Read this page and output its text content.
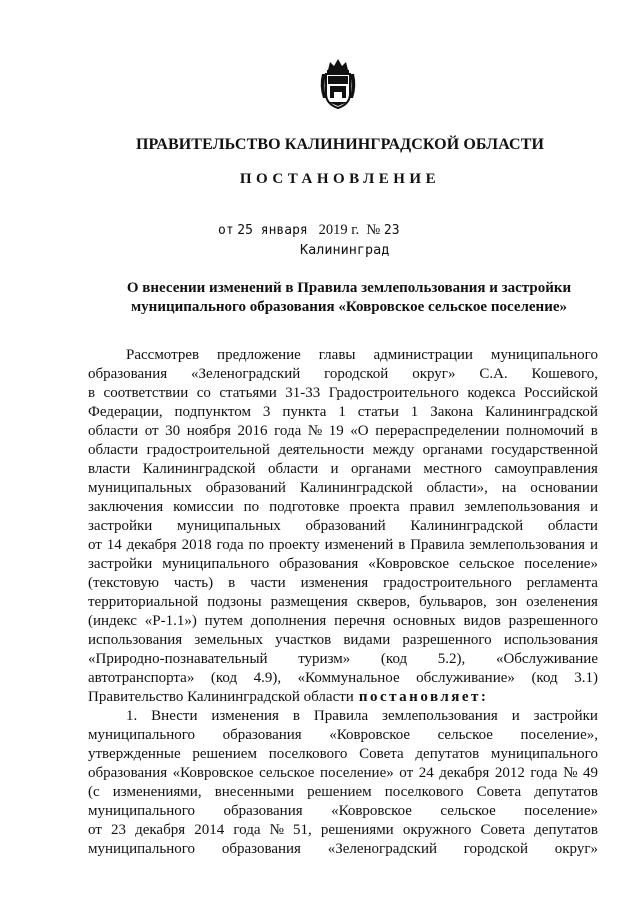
ПРАВИТЕЛЬСТВО КАЛИНИНГРАДСКОЙ ОБЛАСТИ
ПОСТАНОВЛЕНИЕ
от 25 января 2019 г. № 23
Калининград
О внесении изменений в Правила землепользования и застройки
муниципального образования «Ковровское сельское поселение»
Рассмотрев предложение главы администрации муниципального
образования «Зеленоградский городской округ» С.А. Кошевого,
в соответствии со статьями 31-33 Градостроительного кодекса Российской
Федерации, подпунктом 3 пункта 1 статьи 1 Закона Калининградской
области от 30 ноября 2016 года № 19 «О перераспределении полномочий в
области градостроительной деятельности между органами государственной
власти Калининградской области и органами местного самоуправления
муниципальных образований Калининградской области», на основании
заключения комиссии по подготовке проекта правил землепользования и
застройки муниципальных образований Калининградской области
от 14 декабря 2018 года по проекту изменений в Правила землепользования и
застройки муниципального образования «Ковровское сельское поселение»
(текстовую часть) в части изменения градостроительного регламента
территориальной подзоны размещения скверов, бульваров, зон озеленения
(индекс «Р-1.1») путем дополнения перечня основных видов разрешенного
использования земельных участков видами разрешенного использования
«Природно-познавательный туризм» (код 5.2), «Обслуживание
автотранспорта» (код 4.9), «Коммунальное обслуживание» (код 3.1)
Правительство Калининградской области постановляет:
1. Внести изменения в Правила землепользования и застройки
муниципального образования «Ковровское сельское поселение»,
утвержденные решением поселкового Совета депутатов муниципального
образования «Ковровское сельское поселение» от 24 декабря 2012 года № 49
(с изменениями, внесенными решением поселкового Совета депутатов
муниципального образования «Ковровское сельское поселение»
от 23 декабря 2014 года № 51, решениями окружного Совета депутатов
муниципального образования «Зеленоградский городской округ»
